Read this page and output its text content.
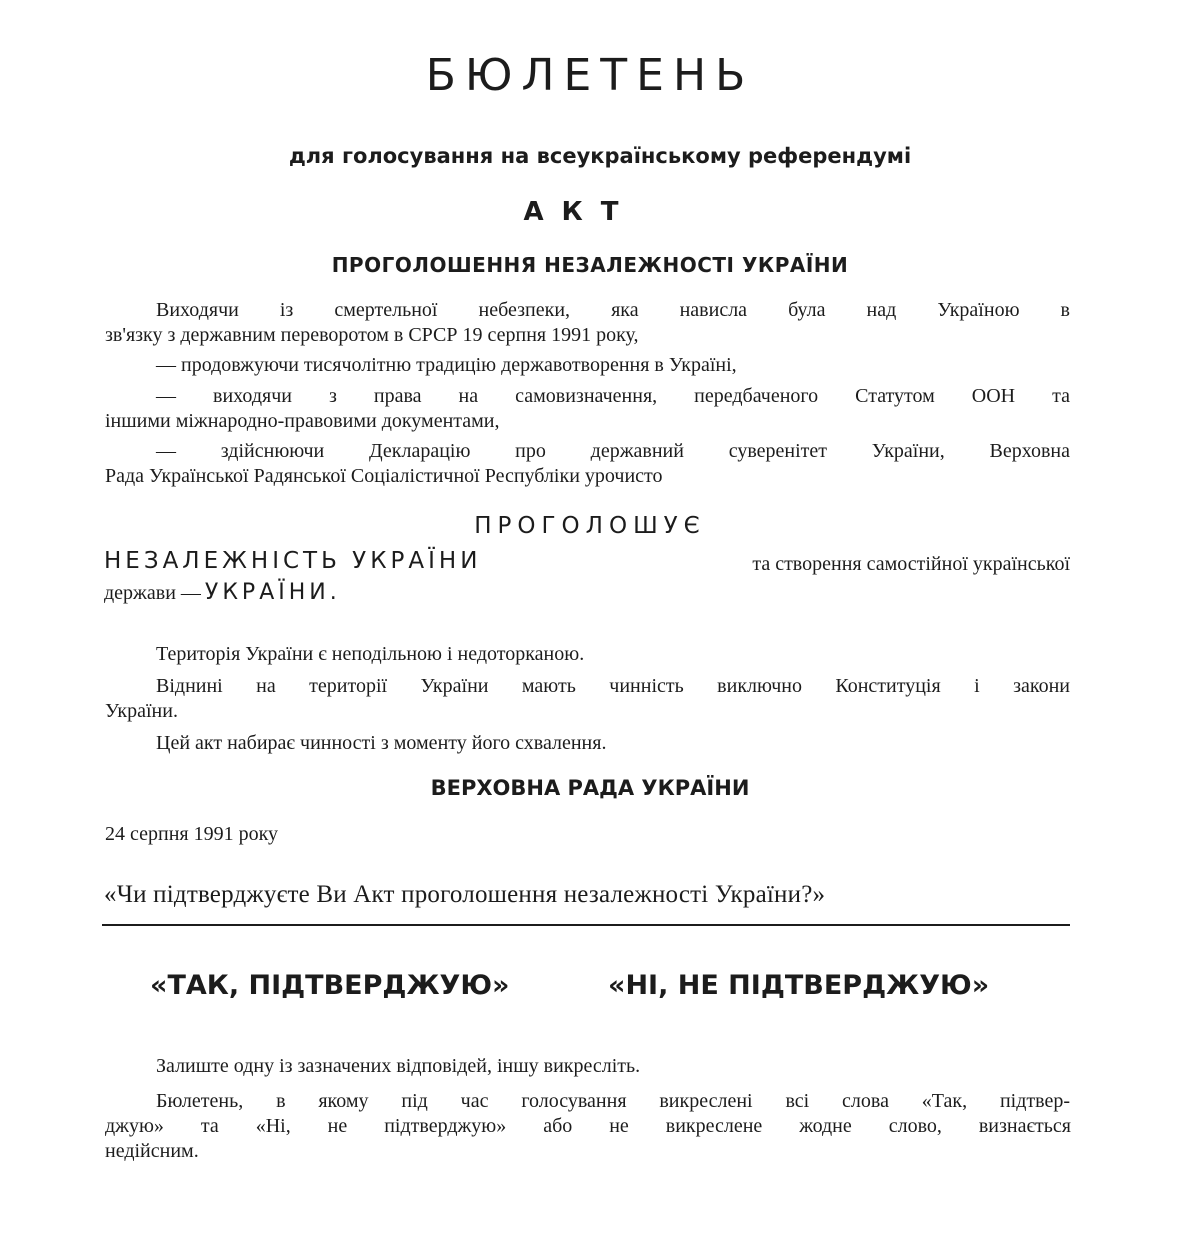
БЮЛЕТЕНЬ
для голосування на всеукраїнському референдумі
АКТ
ПРОГОЛОШЕННЯ НЕЗАЛЕЖНОСТІ УКРАЇНИ
Виходячи із смертельної небезпеки, яка нависла була над Україною в
зв'язку з державним переворотом в СРСР 19 серпня 1991 року,
— продовжуючи тисячолітню традицію державотворення в Україні,
— виходячи з права на самовизначення, передбаченого Статутом ООН та
іншими міжнародно-правовими документами,
— здійснюючи Декларацію про державний суверенітет України, Верховна
Рада Української Радянської Соціалістичної Республіки урочисто
ПРОГОЛОШУЄ
НЕЗАЛЕЖНІСТЬ УКРАЇНИ	та створення самостійної української
держави — УКРАЇНИ.
Територія України є неподільною і недоторканою.
Віднині на території України мають чинність виключно Конституція і закони
України.
Цей акт набирає чинності з моменту його схвалення.
ВЕРХОВНА РАДА УКРАЇНИ
24 серпня 1991 року
«Чи підтверджуєте Ви Акт проголошення незалежності України?»
«ТАК, ПІДТВЕРДЖУЮ»	«НІ, НЕ ПІДТВЕРДЖУЮ»
Залиште одну із зазначених відповідей, іншу викресліть.
Бюлетень, в якому під час голосування викреслені всі слова «Так, підтвер-
джую» та «Ні, не підтверджую» або не викреслене жодне слово, визнається
недійсним.
